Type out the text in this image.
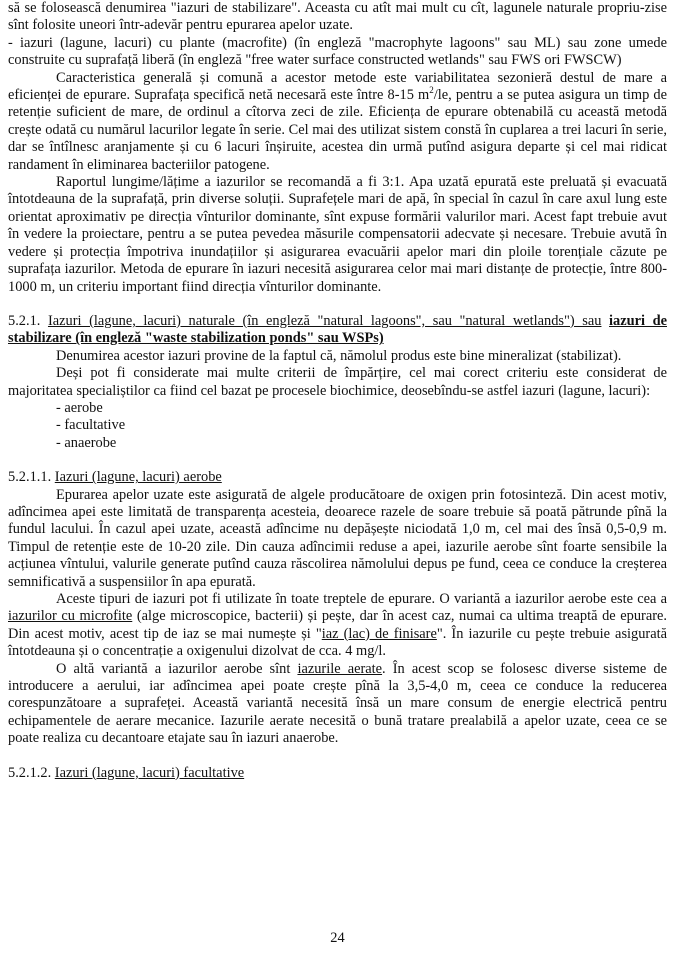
să se folosească denumirea "iazuri de stabilizare". Aceasta cu atît mai mult cu cît, lagunele naturale propriu-zise sînt folosite uneori într-adevăr pentru epurarea apelor uzate.

- iazuri (lagune, lacuri) cu plante (macrofite) (în engleză "macrophyte lagoons" sau ML) sau zone umede construite cu suprafață liberă (în engleză "free water surface constructed wetlands" sau FWS ori FWSCW)

Caracteristica generală și comună a acestor metode este variabilitatea sezonieră destul de mare a eficienței de epurare. Suprafața specifică netă necesară este între 8-15 $m^2/le$, pentru a se putea asigura un timp de retenție suficient de mare, de ordinul a cîtorva zeci de zile. Eficiența de epurare obtenabilă cu această metodă crește odată cu numărul lacurilor legate în serie. Cel mai des utilizat sistem constă în cuplarea a trei lacuri în serie, dar se întîlnesc aranjamente și cu 6 lacuri înșiruite, acestea din urmă putînd asigura departe și cel mai ridicat randament în eliminarea bacteriilor patogene.

Raportul lungime/lățime a iazurilor se recomandă a fi 3:1. Apa uzată epurată este preluată și evacuată întotdeauna de la suprafață, prin diverse soluții. Suprafețele mari de apă, în special în cazul în care axul lung este orientat aproximativ pe direcția vînturilor dominante, sînt expuse formării valurilor mari. Acest fapt trebuie avut în vedere la proiectare, pentru a se putea pevedea măsurile compensatorii adecvate și necesare. Trebuie avută în vedere și protecția împotriva inundațiilor și asigurarea evacuării apelor mari din ploile torențiale căzute pe suprafața iazurilor. Metoda de epurare în iazuri necesită asigurarea celor mai mari distanțe de protecție, între 800-1000 m, un criteriu important fiind direcția vînturilor dominante.

5.2.1. Iazuri (lagune, lacuri) naturale (în engleză "natural lagoons", sau "natural wetlands") sau iazuri de stabilizare (în engleză "waste stabilization ponds" sau WSPs)

Denumirea acestor iazuri provine de la faptul că, nămolul produs este bine mineralizat (stabilizat).

Deși pot fi considerate mai multe criterii de împărțire, cel mai corect criteriu este considerat de majoritatea specialiștilor ca fiind cel bazat pe procesele biochimice, deosebîndu-se astfel iazuri (lagune, lacuri):

- aerobe

- facultative

- anaerobe

5.2.1.1. Iazuri (lagune, lacuri) aerobe

Epurarea apelor uzate este asigurată de algele producătoare de oxigen prin fotosinteză. Din acest motiv, adîncimea apei este limitată de transparența acesteia, deoarece razele de soare trebuie să poată pătrunde pînă la fundul lacului. În cazul apei uzate, această adîncime nu depășește niciodată 1,0 m, cel mai des însă 0,5-0,9 m. Timpul de retenție este de 10-20 zile. Din cauza adîncimii reduse a apei, iazurile aerobe sînt foarte sensibile la acțiunea vîntului, valurile generate putînd cauza răscolirea nămolului depus pe fund, ceea ce conduce la creșterea semnificativă a suspensiilor în apa epurată.

Aceste tipuri de iazuri pot fi utilizate în toate treptele de epurare. O variantă a iazurilor aerobe este cea a iazurilor cu microfite (alge microscopice, bacterii) și pește, dar în acest caz, numai ca ultima treaptă de epurare. Din acest motiv, acest tip de iaz se mai numește și "iaz (lac) de finisare". În iazurile cu pește trebuie asigurată întotdeauna și o concentrație a oxigenului dizolvat de cca. 4 mg/l.

O altă variantă a iazurilor aerobe sînt iazurile aerate. În acest scop se folosesc diverse sisteme de introducere a aerului, iar adîncimea apei poate crește pînă la 3,5-4,0 m, ceea ce conduce la reducerea corespunzătoare a suprafeței. Această variantă necesită însă un mare consum de energie electrică pentru echipamentele de aerare mecanice. Iazurile aerate necesită o bună tratare prealabilă a apelor uzate, ceea ce se poate realiza cu decantoare etajate sau în iazuri anaerobe.

5.2.1.2. Iazuri (lagune, lacuri) facultative

24
